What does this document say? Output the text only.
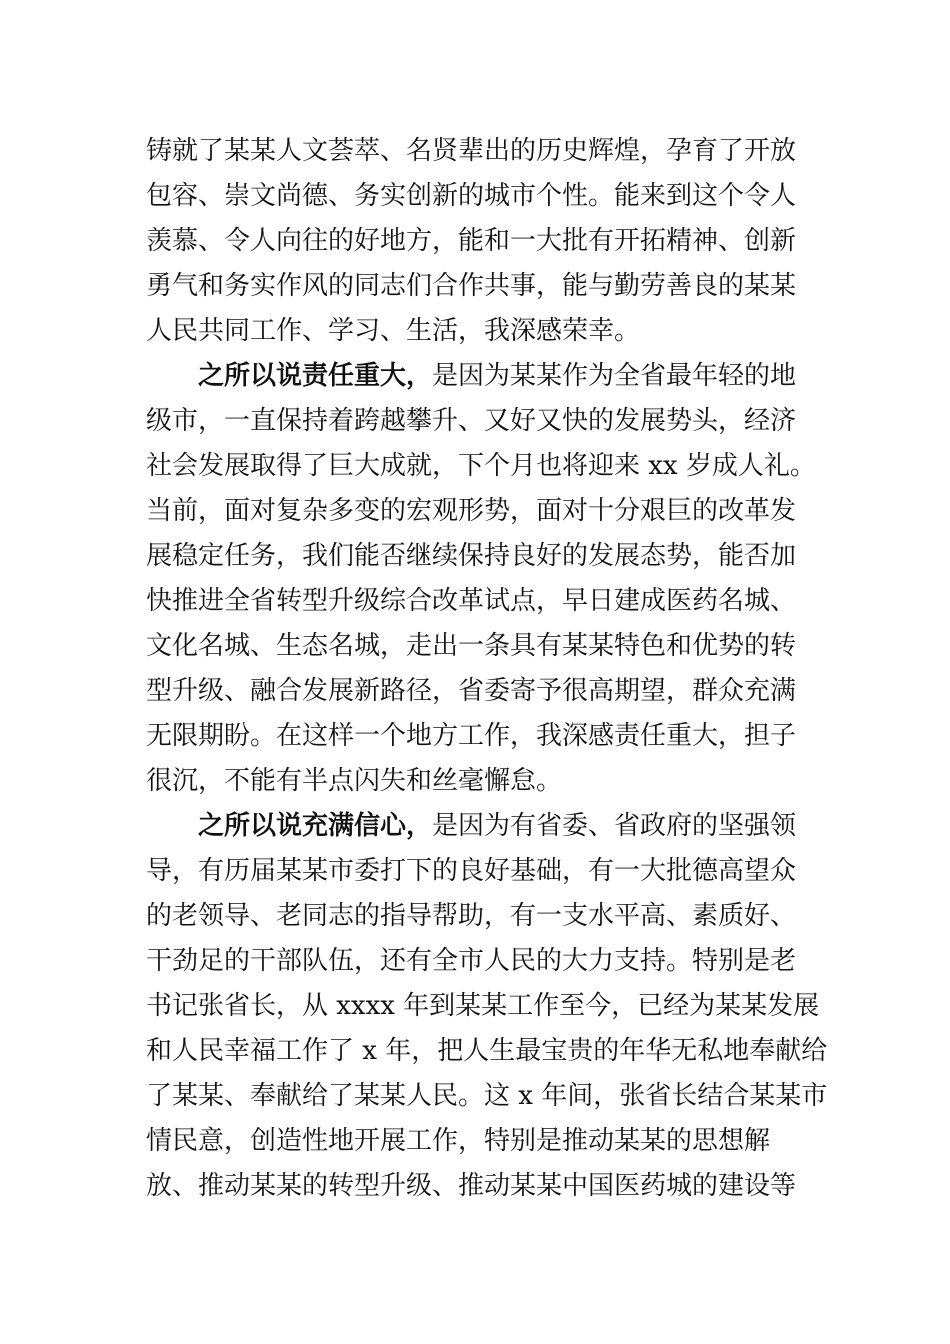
铸就了某某人文荟萃、名贤辈出的历史辉煌，孕育了开放
包容、崇文尚德、务实创新的城市个性。能来到这个令人
羡慕、令人向往的好地方，能和一大批有开拓精神、创新
勇气和务实作风的同志们合作共事，能与勤劳善良的某某
人民共同工作、学习、生活，我深感荣幸。
之所以说责任重大，是因为某某作为全省最年轻的地
级市，一直保持着跨越攀升、又好又快的发展势头，经济
社会发展取得了巨大成就，下个月也将迎来 xx 岁成人礼。
当前，面对复杂多变的宏观形势，面对十分艰巨的改革发
展稳定任务，我们能否继续保持良好的发展态势，能否加
快推进全省转型升级综合改革试点，早日建成医药名城、
文化名城、生态名城，走出一条具有某某特色和优势的转
型升级、融合发展新路径，省委寄予很高期望，群众充满
无限期盼。在这样一个地方工作，我深感责任重大，担子
很沉，不能有半点闪失和丝毫懈怠。
之所以说充满信心，是因为有省委、省政府的坚强领
导，有历届某某市委打下的良好基础，有一大批德高望众
的老领导、老同志的指导帮助，有一支水平高、素质好、
干劲足的干部队伍，还有全市人民的大力支持。特别是老
书记张省长，从 xxxx 年到某某工作至今，已经为某某发展
和人民幸福工作了 x 年，把人生最宝贵的年华无私地奉献给
了某某、奉献给了某某人民。这 x 年间，张省长结合某某市
情民意，创造性地开展工作，特别是推动某某的思想解
放、推动某某的转型升级、推动某某中国医药城的建设等
